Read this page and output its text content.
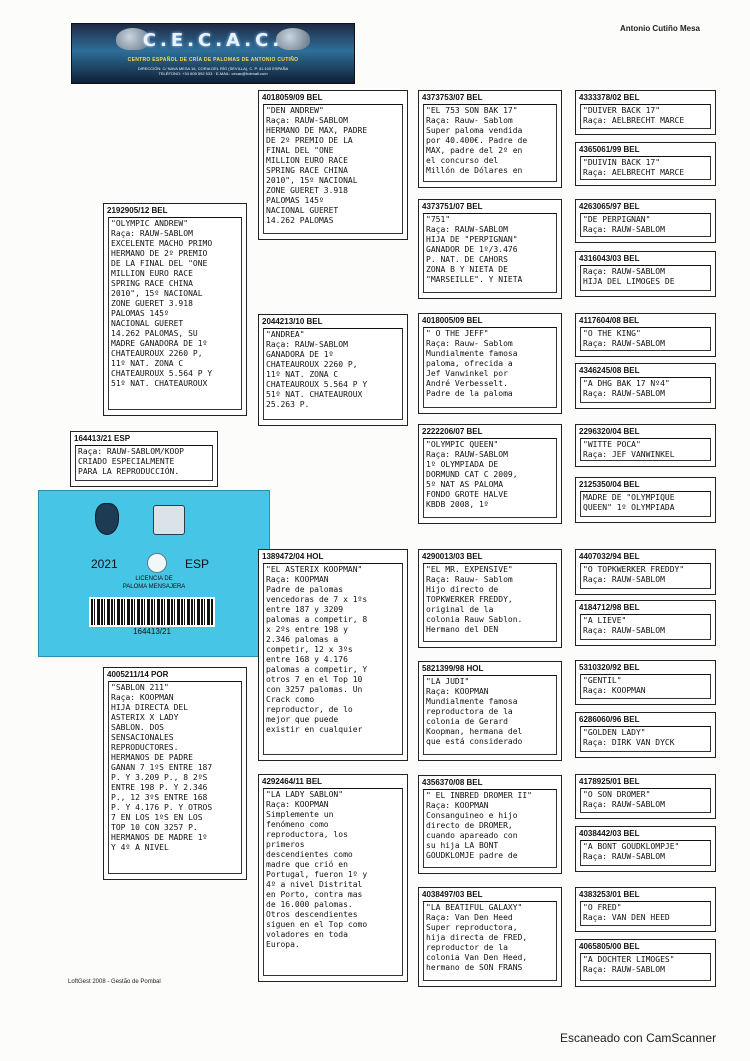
Antonio Cutiño Mesa
C.E.C.A.C.
CENTRO ESPAÑOL DE CRÍA DE PALOMAS DE ANTONIO CUTIÑO
DIRECCIÓN: C/ NAVA MESA 16, CORIA DEL RÍO (SEVILLA), C. P. 41.100 ESPAÑA
TELÉFONO: +34 605 592 533 · E-MAIL: cecac@hotmail.com
4018059/09 BEL
"DEN ANDREW"
Raça: RAUW-SABLOM
HERMANO DE MAX, PADRE
DE 2º PREMIO DE LA
FINAL DEL "ONE
MILLION EURO RACE
SPRING RACE CHINA
2010", 15º NACIONAL
ZONE GUERET 3.918
PALOMAS 145º
NACIONAL GUERET
14.262 PALOMAS
2192905/12 BEL
"OLYMPIC ANDREW"
Raça: RAUW-SABLOM
EXCELENTE MACHO PRIMO
HERMANO DE 2º PREMIO
DE LA FINAL DEL "ONE
MILLION EURO RACE
SPRING RACE CHINA
2010", 15º NACIONAL
ZONE GUERET 3.918
PALOMAS 145º
NACIONAL GUERET
14.262 PALOMAS, SU
MADRE GANADORA DE 1º
CHATEAUROUX 2260 P,
11º NAT. ZONA C
CHATEAUROUX 5.564 P Y
51º NAT. CHATEAUROUX
2044213/10 BEL
"ANDREA"
Raça: RAUW-SABLOM
GANADORA DE 1º
CHATEAUROUX 2260 P,
11º NAT. ZONA C
CHATEAUROUX 5.564 P Y
51º NAT. CHATEAUROUX
25.263 P.
164413/21 ESP
Raça: RAUW-SABLOM/KOOP
CRIADO ESPECIALMENTE
PARA LA REPRODUCCIÓN.
2021	ESP
LICENCIA DE
PALOMA MENSAJERA
164413/21
4373753/07 BEL
"EL 753 SON BAK 17"
Raça: Rauw- Sablom
Super paloma vendida
por 40.400€. Padre de
MAX, padre del 2º en
el concurso del
Millón de Dólares en
4373751/07 BEL
"751"
Raça: RAUW-SABLOM
HIJA DE "PERPIGNAN"
GANADOR DE 1º/3.476
P. NAT. DE CAHORS
ZONA B Y NIETA DE
"MARSEILLE". Y NIETA
4018005/09 BEL
" O THE JEFF"
Raça: Rauw- Sablom
Mundialmente famosa
paloma, ofrecida a
Jef Vanwinkel por
André Verbesselt.
Padre de la paloma
2222206/07 BEL
"OLYMPIC QUEEN"
Raça: RAUW-SABLOM
1º OLYMPIADA DE
DORMUND CAT C 2009,
5º NAT AS PALOMA
FONDO GROTE HALVE
KBDB 2008, 1º
4333378/02 BEL
"DUIVER BACK 17"
Raça: AELBRECHT MARCE
4365061/99 BEL
"DUIVIN BACK 17"
Raça: AELBRECHT MARCE
4263065/97 BEL
"DE PERPIGNAN"
Raça: RAUW-SABLOM
4316043/03 BEL
Raça: RAUW-SABLOM
HIJA DEL LIMOGES DE
4117604/08 BEL
"O THE KING"
Raça: RAUW-SABLOM
4346245/08 BEL
"A DHG BAK 17 Nº4"
Raça: RAUW-SABLOM
2296320/04 BEL
"WITTE POCA"
Raça: JEF VANWINKEL
2125350/04 BEL
MADRE DE "OLYMPIQUE
QUEEN" 1º OLYMPIADA
1389472/04 HOL
"EL ASTERIX KOOPMAN"
Raça: KOOPMAN
Padre de palomas
vencedoras de 7 x 1ºs
entre 187 y 3209
palomas a competir, 8
x 2ºs entre 198 y
2.346 palomas a
competir, 12 x 3ºs
entre 168 y 4.176
palomas a competir, Y
otros 7 en el Top 10
con 3257 palomas. Un
Crack como
reproductor, de lo
mejor que puede
existir en cualquier
4005211/14 POR
"SABLON 211"
Raça: KOOPMAN
HIJA DIRECTA DEL
ASTERIX X LADY
SABLON. DOS
SENSACIONALES
REPRODUCTORES.
HERMANOS DE PADRE
GANAN 7 1ºS ENTRE 187
P. Y 3.209 P., 8 2ºS
ENTRE 198 P. Y 2.346
P., 12 3ºS ENTRE 168
P. Y 4.176 P. Y OTROS
7 EN LOS 1ºS EN LOS
TOP 10 CON 3257 P.
HERMANOS DE MADRE 1º
Y 4º A NIVEL
4292464/11 BEL
"LA LADY SABLON"
Raça: KOOPMAN
Simplemente un
fenómeno como
reproductora, los
primeros
descendientes como
madre que crió en
Portugal, fueron 1º y
4º a nivel Distrital
en Porto, contra mas
de 16.000 palomas.
Otros descendientes
siguen en el Top como
voladores en toda
Europa.
4290013/03 BEL
"EL MR. EXPENSIVE"
Raça: Rauw- Sablom
Hijo directo de
TOPKWERKER FREDDY,
original de la
colonia Rauw Sablon.
Hermano del DEN
5821399/98 HOL
"LA JUDI"
Raça: KOOPMAN
Mundialmente famosa
reproductora de la
colonia de Gerard
Koopman, hermana del
que está considerado
4356370/08 BEL
" EL INBRED DROMER II"
Raça: KOOPMAN
Consanguineo e hijo
directo de DROMER,
cuando apareado con
su hija LA BONT
GOUDKLOMJE padre de
4038497/03 BEL
"LA BEATIFUL GALAXY"
Raça: Van Den Heed
Super reproductora,
hija directa de FRED,
reproductor de la
colonia Van Den Heed,
hermano de SON FRANS
4407032/94 BEL
"O TOPKWERKER FREDDY"
Raça: RAUW-SABLOM
4184712/98 BEL
"A LIEVE"
Raça: RAUW-SABLOM
5310320/92 BEL
"GENTIL"
Raça: KOOPMAN
6286060/96 BEL
"GOLDEN LADY"
Raça: DIRK VAN DYCK
4178925/01 BEL
"O SON DROMER"
Raça: RAUW-SABLOM
4038442/03 BEL
"A BONT GOUDKLOMPJE"
Raça: RAUW-SABLOM
4383253/01 BEL
"O FRED"
Raça: VAN DEN HEED
4065805/00 BEL
"A DOCHTER LIMOGES"
Raça: RAUW-SABLOM
LoftGest 2008 - Gestão de Pombal
Escaneado con CamScanner
